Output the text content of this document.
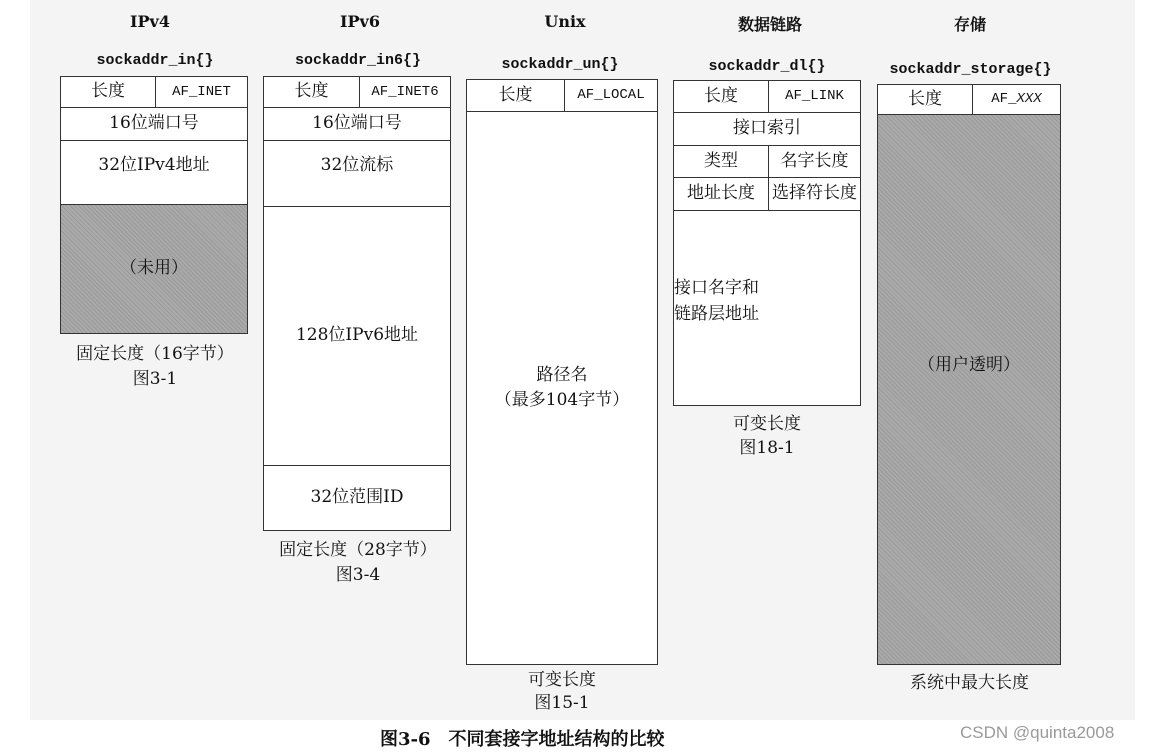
IPv4
sockaddr_in{}
长度	AF_INET
16位端口号
32位IPv4地址
（未用）
固定长度（16字节）
图3-1
IPv6
sockaddr_in6{}
长度	AF_INET6
16位端口号
32位流标
128位IPv6地址
32位范围ID
固定长度（28字节）
图3-4
Unix
sockaddr_un{}
长度	AF_LOCAL
路径名
（最多104字节）
可变长度
图15-1
数据链路
sockaddr_dl{}
长度	AF_LINK
接口索引
类型	名字长度
地址长度	选择符长度
接口名字和
链路层地址
可变长度
图18-1
存储
sockaddr_storage{}
长度	AF_ XXX
（用户透明）
系统中最大长度
图3-6　不同套接字地址结构的比较	CSDN @quinta2008
